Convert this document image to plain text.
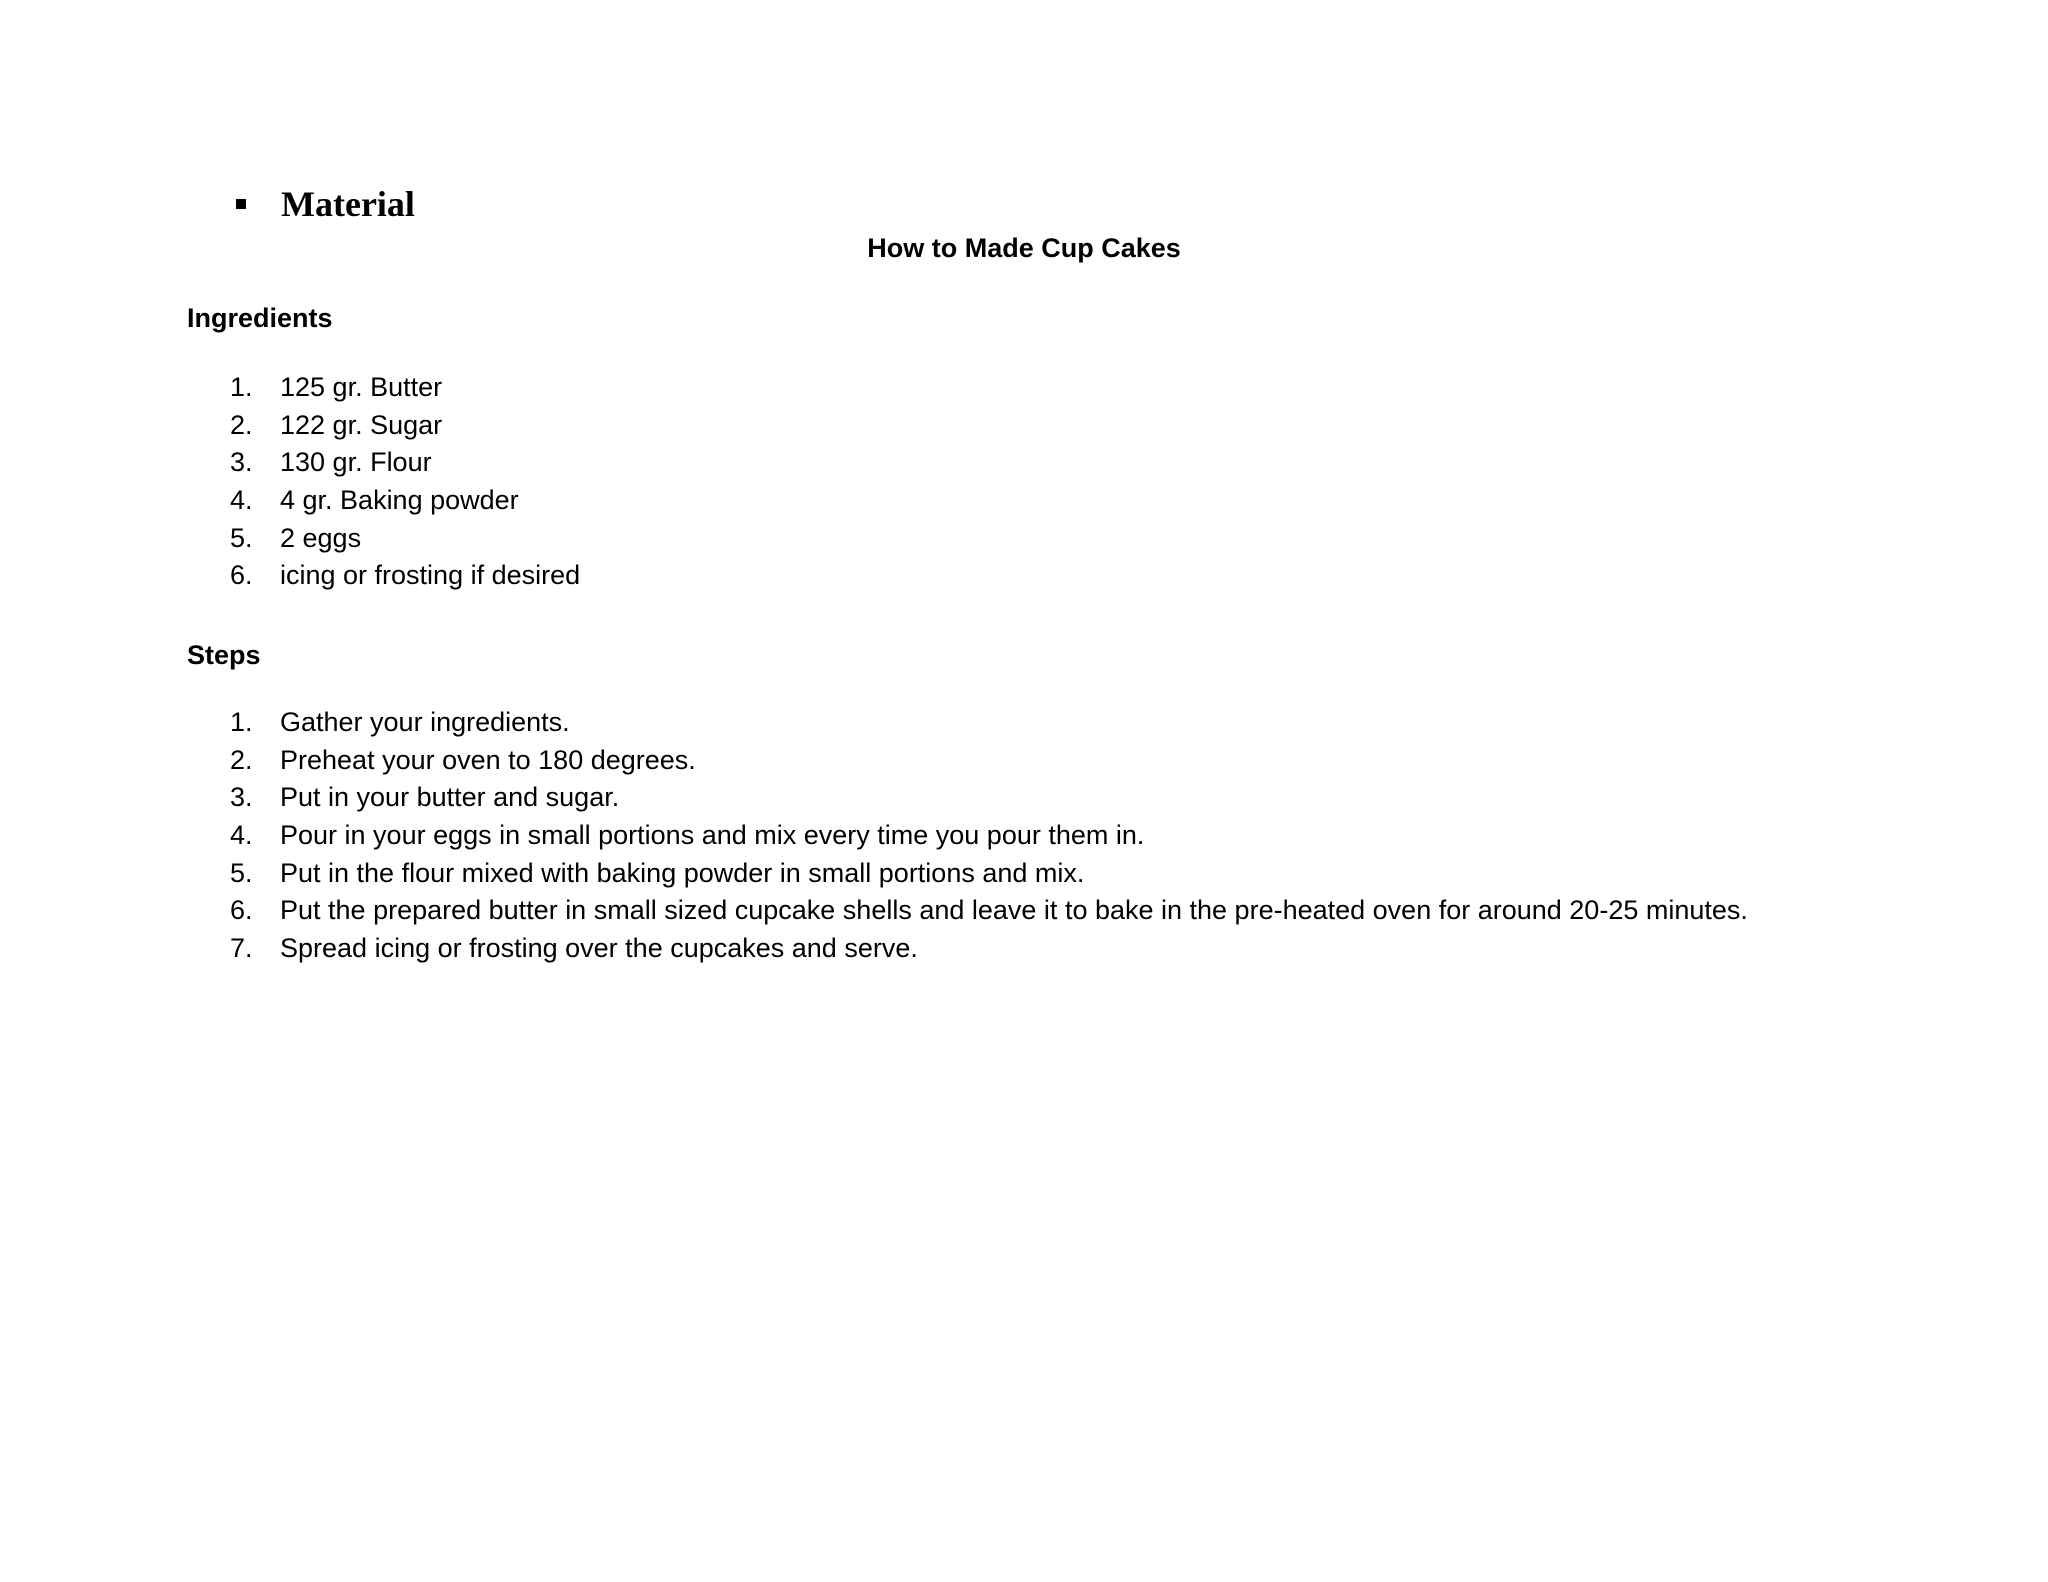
Material
How to Made Cup Cakes
Ingredients
1.	125 gr. Butter
2.	122 gr. Sugar
3.	130 gr. Flour
4.	4 gr. Baking powder
5.	2 eggs
6.	icing or frosting if desired
Steps
1.	Gather your ingredients.
2.	Preheat your oven to 180 degrees.
3.	Put in your butter and sugar.
4.	Pour in your eggs in small portions and mix every time you pour them in.
5.	Put in the flour mixed with baking powder in small portions and mix.
6.	Put the prepared butter in small sized cupcake shells and leave it to bake in the pre-heated oven for around 20-25 minutes.
7.	Spread icing or frosting over the cupcakes and serve.
